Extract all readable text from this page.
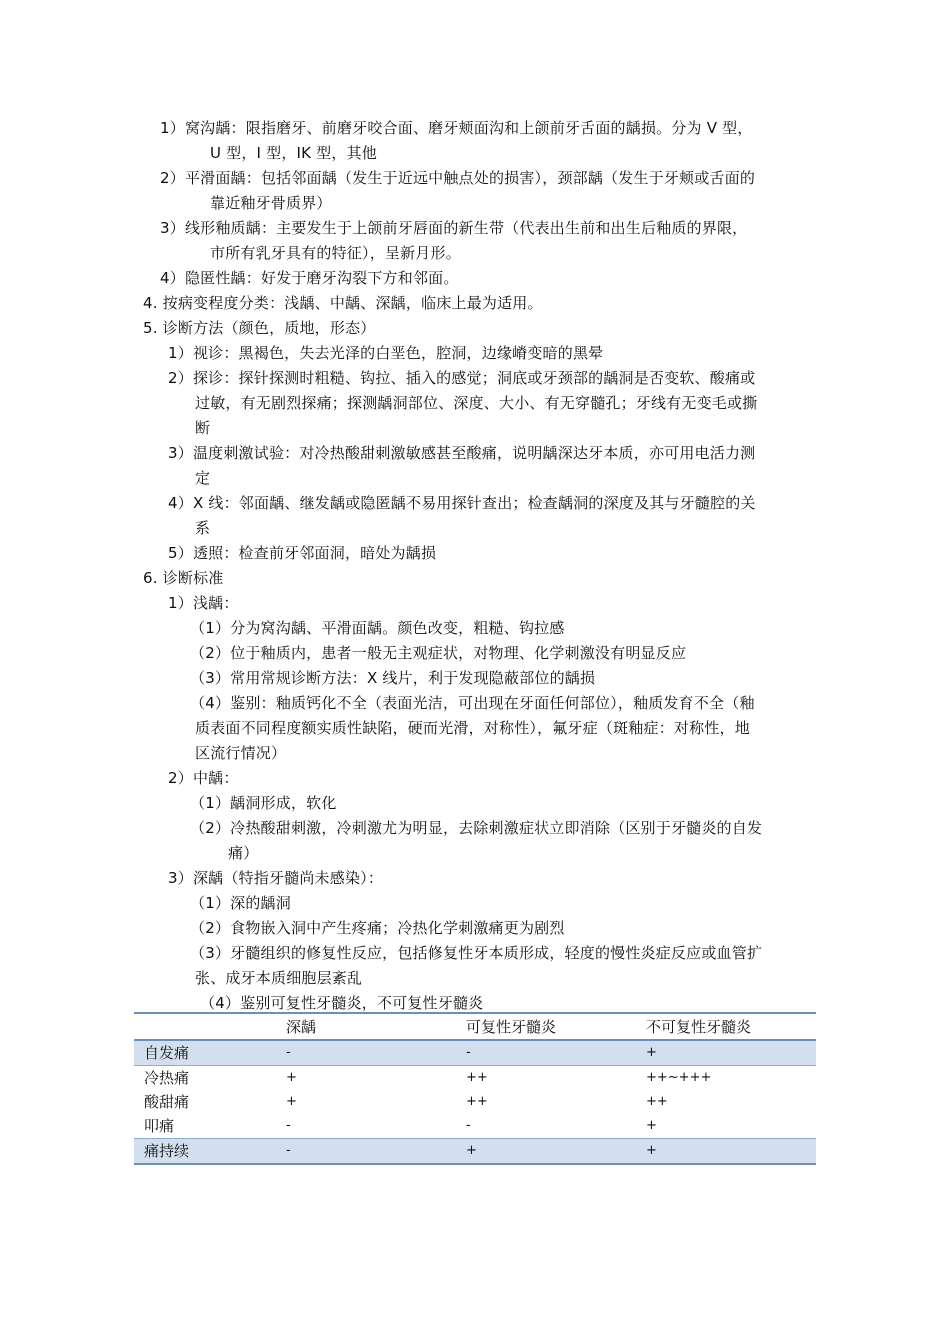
1）窝沟龋：限指磨牙、前磨牙咬合面、磨牙颊面沟和上颌前牙舌面的龋损。分为 V 型，
U 型，I 型，IK 型，其他
2）平滑面龋：包括邻面龋（发生于近远中触点处的损害），颈部龋（发生于牙颊或舌面的
靠近釉牙骨质界）
3）线形釉质龋：主要发生于上颌前牙唇面的新生带（代表出生前和出生后釉质的界限，
市所有乳牙具有的特征），呈新月形。
4）隐匿性龋：好发于磨牙沟裂下方和邻面。
4. 按病变程度分类：浅龋、中龋、深龋，临床上最为适用。
5. 诊断方法（颜色，质地，形态）
1）视诊：黑褐色，失去光泽的白垩色，腔洞，边缘嵴变暗的黑晕
2）探诊：探针探测时粗糙、钩拉、插入的感觉；洞底或牙颈部的龋洞是否变软、酸痛或
过敏，有无剧烈探痛；探测龋洞部位、深度、大小、有无穿髓孔；牙线有无变毛或撕
断
3）温度刺激试验：对冷热酸甜刺激敏感甚至酸痛，说明龋深达牙本质，亦可用电活力测
定
4）X 线：邻面龋、继发龋或隐匿龋不易用探针查出；检查龋洞的深度及其与牙髓腔的关
系
5）透照：检查前牙邻面洞，暗处为龋损
6. 诊断标准
1）浅龋：
（1）分为窝沟龋、平滑面龋。颜色改变，粗糙、钩拉感
（2）位于釉质内，患者一般无主观症状，对物理、化学刺激没有明显反应
（3）常用常规诊断方法：X 线片，利于发现隐蔽部位的龋损
（4）鉴别：釉质钙化不全（表面光洁，可出现在牙面任何部位），釉质发育不全（釉
质表面不同程度额实质性缺陷，硬而光滑，对称性），氟牙症（斑釉症：对称性，地
区流行情况）
2）中龋：
（1）龋洞形成，软化
（2）冷热酸甜刺激，冷刺激尤为明显，去除刺激症状立即消除（区别于牙髓炎的自发
痛）
3）深龋（特指牙髓尚未感染）：
（1）深的龋洞
（2）食物嵌入洞中产生疼痛；冷热化学刺激痛更为剧烈
（3）牙髓组织的修复性反应，包括修复性牙本质形成，轻度的慢性炎症反应或血管扩
张、成牙本质细胞层紊乱
（4）鉴别可复性牙髓炎，不可复性牙髓炎
	深龋	可复性牙髓炎	不可复性牙髓炎
自发痛	-	-	+
冷热痛	+	++	++~+++
酸甜痛	+	++	++
叩痛	-	-	+
痛持续	-	+	+
